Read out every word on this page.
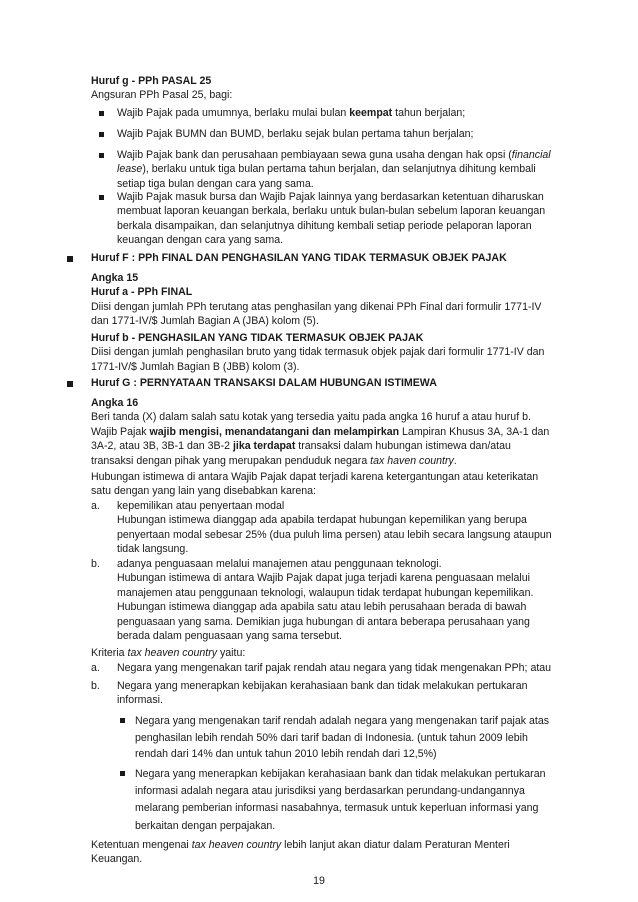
Huruf g - PPh PASAL 25
Angsuran PPh Pasal 25, bagi:
Wajib Pajak pada umumnya, berlaku mulai bulan keempat tahun berjalan;
Wajib Pajak BUMN dan BUMD, berlaku sejak bulan pertama tahun berjalan;
Wajib Pajak bank dan perusahaan pembiayaan sewa guna usaha dengan hak opsi (financial
lease), berlaku untuk tiga bulan pertama tahun berjalan, dan selanjutnya dihitung kembali
setiap tiga bulan dengan cara yang sama.
Wajib Pajak masuk bursa dan Wajib Pajak lainnya yang berdasarkan ketentuan diharuskan
membuat laporan keuangan berkala, berlaku untuk bulan-bulan sebelum laporan keuangan
berkala disampaikan, dan selanjutnya dihitung kembali setiap periode pelaporan laporan
keuangan dengan cara yang sama.
Huruf F : PPh FINAL DAN PENGHASILAN YANG TIDAK TERMASUK OBJEK PAJAK
Angka 15
Huruf a - PPh FINAL
Diisi dengan jumlah PPh terutang atas penghasilan yang dikenai PPh Final dari formulir 1771-IV
dan 1771-IV/$ Jumlah Bagian A (JBA) kolom (5).
Huruf b - PENGHASILAN YANG TIDAK TERMASUK OBJEK PAJAK
Diisi dengan jumlah penghasilan bruto yang tidak termasuk objek pajak dari formulir 1771-IV dan
1771-IV/$ Jumlah Bagian B (JBB) kolom (3).
Huruf G : PERNYATAAN TRANSAKSI DALAM HUBUNGAN ISTIMEWA
Angka 16
Beri tanda (X) dalam salah satu kotak yang tersedia yaitu pada angka 16 huruf a atau huruf b.
Wajib Pajak wajib mengisi, menandatangani dan melampirkan Lampiran Khusus 3A, 3A-1 dan
3A-2, atau 3B, 3B-1 dan 3B-2 jika terdapat transaksi dalam hubungan istimewa dan/atau
transaksi dengan pihak yang merupakan penduduk negara tax haven country.
Hubungan istimewa di antara Wajib Pajak dapat terjadi karena ketergantungan atau keterikatan
satu dengan yang lain yang disebabkan karena:
a. kepemilikan atau penyertaan modal
Hubungan istimewa dianggap ada apabila terdapat hubungan kepemilikan yang berupa
penyertaan modal sebesar 25% (dua puluh lima persen) atau lebih secara langsung ataupun
tidak langsung.
b. adanya penguasaan melalui manajemen atau penggunaan teknologi.
Hubungan istimewa di antara Wajib Pajak dapat juga terjadi karena penguasaan melalui
manajemen atau penggunaan teknologi, walaupun tidak terdapat hubungan kepemilikan.
Hubungan istimewa dianggap ada apabila satu atau lebih perusahaan berada di bawah
penguasaan yang sama. Demikian juga hubungan di antara beberapa perusahaan yang
berada dalam penguasaan yang sama tersebut.
Kriteria tax heaven country yaitu:
a. Negara yang mengenakan tarif pajak rendah atau negara yang tidak mengenakan PPh; atau
b. Negara yang menerapkan kebijakan kerahasiaan bank dan tidak melakukan pertukaran
informasi.
Negara yang mengenakan tarif rendah adalah negara yang mengenakan tarif pajak atas
penghasilan lebih rendah 50% dari tarif badan di Indonesia. (untuk tahun 2009 lebih
rendah dari 14% dan untuk tahun 2010 lebih rendah dari 12,5%)
Negara yang menerapkan kebijakan kerahasiaan bank dan tidak melakukan pertukaran
informasi adalah negara atau jurisdiksi yang berdasarkan perundang-undangannya
melarang pemberian informasi nasabahnya, termasuk untuk keperluan informasi yang
berkaitan dengan perpajakan.
Ketentuan mengenai tax heaven country lebih lanjut akan diatur dalam Peraturan Menteri
Keuangan.
19
